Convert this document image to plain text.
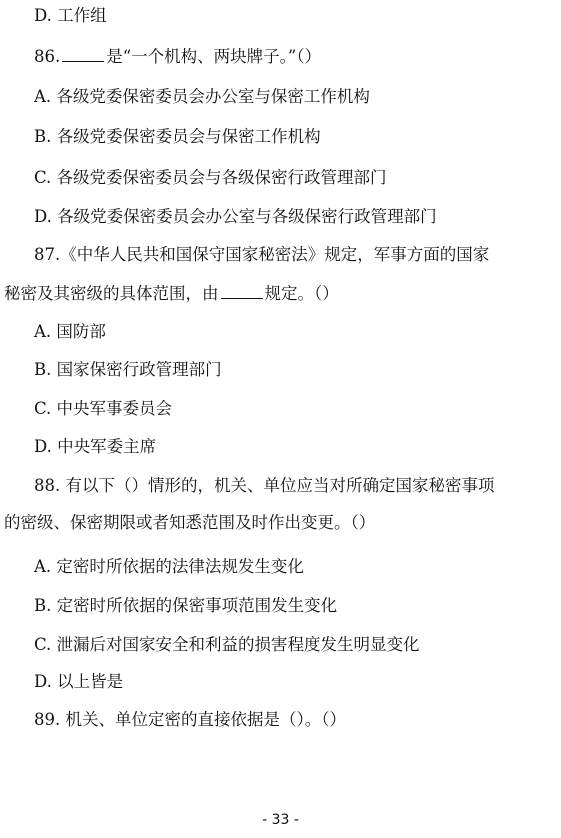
D. 工作组
86.	是“一个机构、两块牌子。”（）
A. 各级党委保密委员会办公室与保密工作机构
B. 各级党委保密委员会与保密工作机构
C. 各级党委保密委员会与各级保密行政管理部门
D. 各级党委保密委员会办公室与各级保密行政管理部门
87.《中华人民共和国保守国家秘密法》规定，军事方面的国家
秘密及其密级的具体范围，由	规定。（）
A. 国防部
B. 国家保密行政管理部门
C. 中央军事委员会
D. 中央军委主席
88. 有以下（）情形的，机关、单位应当对所确定国家秘密事项
的密级、保密期限或者知悉范围及时作出变更。（）
A. 定密时所依据的法律法规发生变化
B. 定密时所依据的保密事项范围发生变化
C. 泄漏后对国家安全和利益的损害程度发生明显变化
D. 以上皆是
89. 机关、单位定密的直接依据是（）。（）
- 33 -
